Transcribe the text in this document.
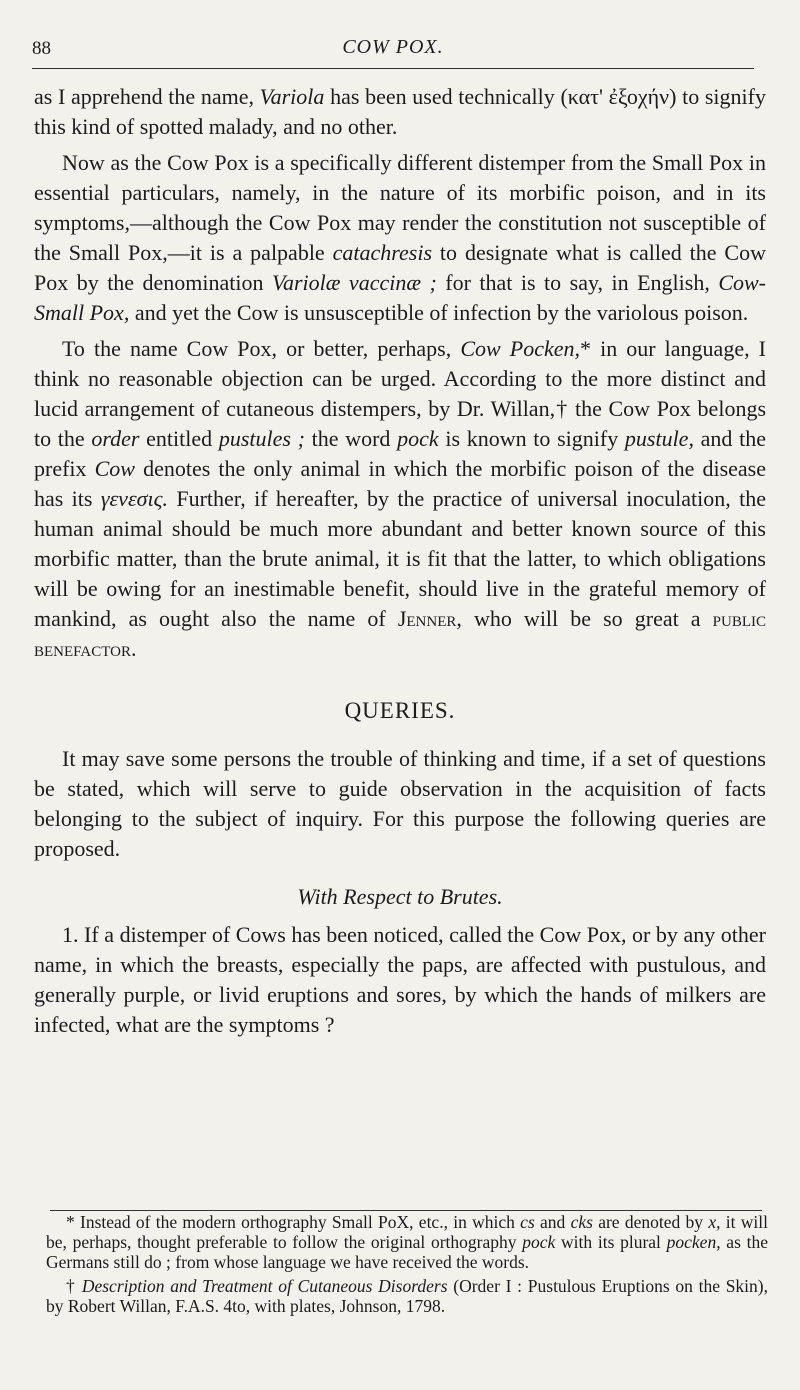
88	COW POX.

as I apprehend the name, Variola has been used technically (κατ' ἐξοχήν) to signify this kind of spotted malady, and no other.

Now as the Cow Pox is a specifically different distemper from the Small Pox in essential particulars, namely, in the nature of its morbific poison, and in its symptoms,—although the Cow Pox may render the constitution not susceptible of the Small Pox,—it is a palpable catachresis to designate what is called the Cow Pox by the denomination Variolæ vaccinæ ; for that is to say, in English, Cow-Small Pox, and yet the Cow is unsusceptible of infection by the variolous poison.

To the name Cow Pox, or better, perhaps, Cow Pocken,* in our language, I think no reasonable objection can be urged. According to the more distinct and lucid arrangement of cutaneous distempers, by Dr. Willan,† the Cow Pox belongs to the order entitled pustules ; the word pock is known to signify pustule, and the prefix Cow denotes the only animal in which the morbific poison of the disease has its γενεσις. Further, if hereafter, by the practice of universal inoculation, the human animal should be much more abundant and better known source of this morbific matter, than the brute animal, it is fit that the latter, to which obligations will be owing for an inestimable benefit, should live in the grateful memory of mankind, as ought also the name of Jenner, who will be so great a public benefactor.

QUERIES.

It may save some persons the trouble of thinking and time, if a set of questions be stated, which will serve to guide observation in the acquisition of facts belonging to the subject of inquiry. For this purpose the following queries are proposed.

With Respect to Brutes.

1. If a distemper of Cows has been noticed, called the Cow Pox, or by any other name, in which the breasts, especially the paps, are affected with pustulous, and generally purple, or livid eruptions and sores, by which the hands of milkers are infected, what are the symptoms ?

* Instead of the modern orthography Small PoX, etc., in which cs and cks are denoted by x, it will be, perhaps, thought preferable to follow the original orthography pock with its plural pocken, as the Germans still do ; from whose language we have received the words.

† Description and Treatment of Cutaneous Disorders (Order I : Pustulous Eruptions on the Skin), by Robert Willan, F.A.S. 4to, with plates, Johnson, 1798.
